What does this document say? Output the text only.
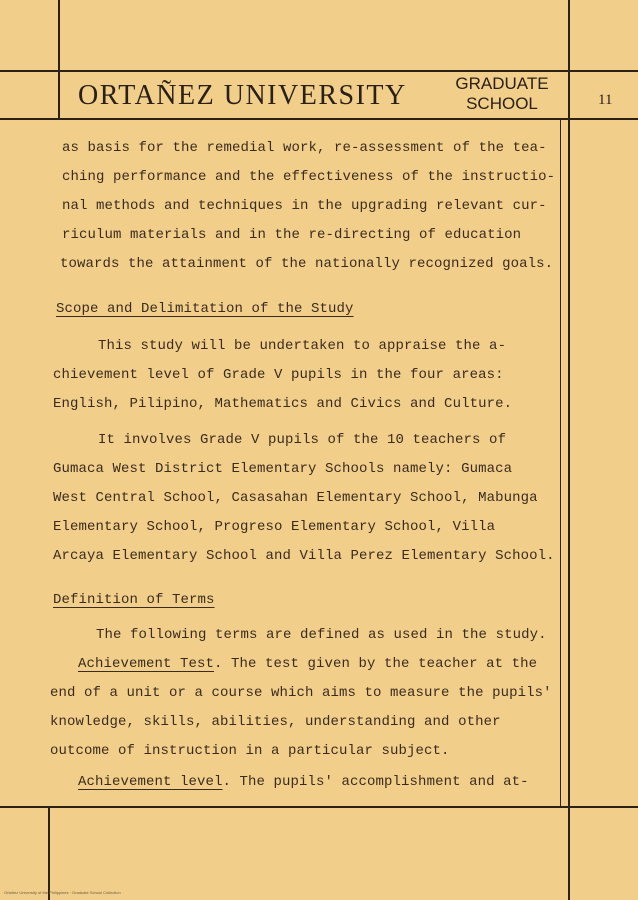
ORTAÑEZ UNIVERSITY	GRADUATE
SCHOOL	11
as basis for the remedial work, re-assessment of the tea-
ching performance and the effectiveness of the instructio-
nal methods and techniques in the upgrading relevant cur-
riculum materials and in the re-directing of education
towards the attainment of the nationally recognized goals.
Scope and Delimitation of the Study
This study will be undertaken to appraise the a-
chievement level of Grade V pupils in the four areas:
English, Pilipino, Mathematics and Civics and Culture.
It involves Grade V pupils of the 10 teachers of
Gumaca West District Elementary Schools namely: Gumaca
West Central School, Casasahan Elementary School, Mabunga
Elementary School, Progreso Elementary School, Villa
Arcaya Elementary School and Villa Perez Elementary School.
Definition of Terms
The following terms are defined as used in the study.
Achievement Test. The test given by the teacher at the
end of a unit or a course which aims to measure the pupils'
knowledge, skills, abilities, understanding and other
outcome of instruction in a particular subject.
Achievement level. The pupils' accomplishment and at-
Ortañez University of the Philippines · Graduate School Collection
